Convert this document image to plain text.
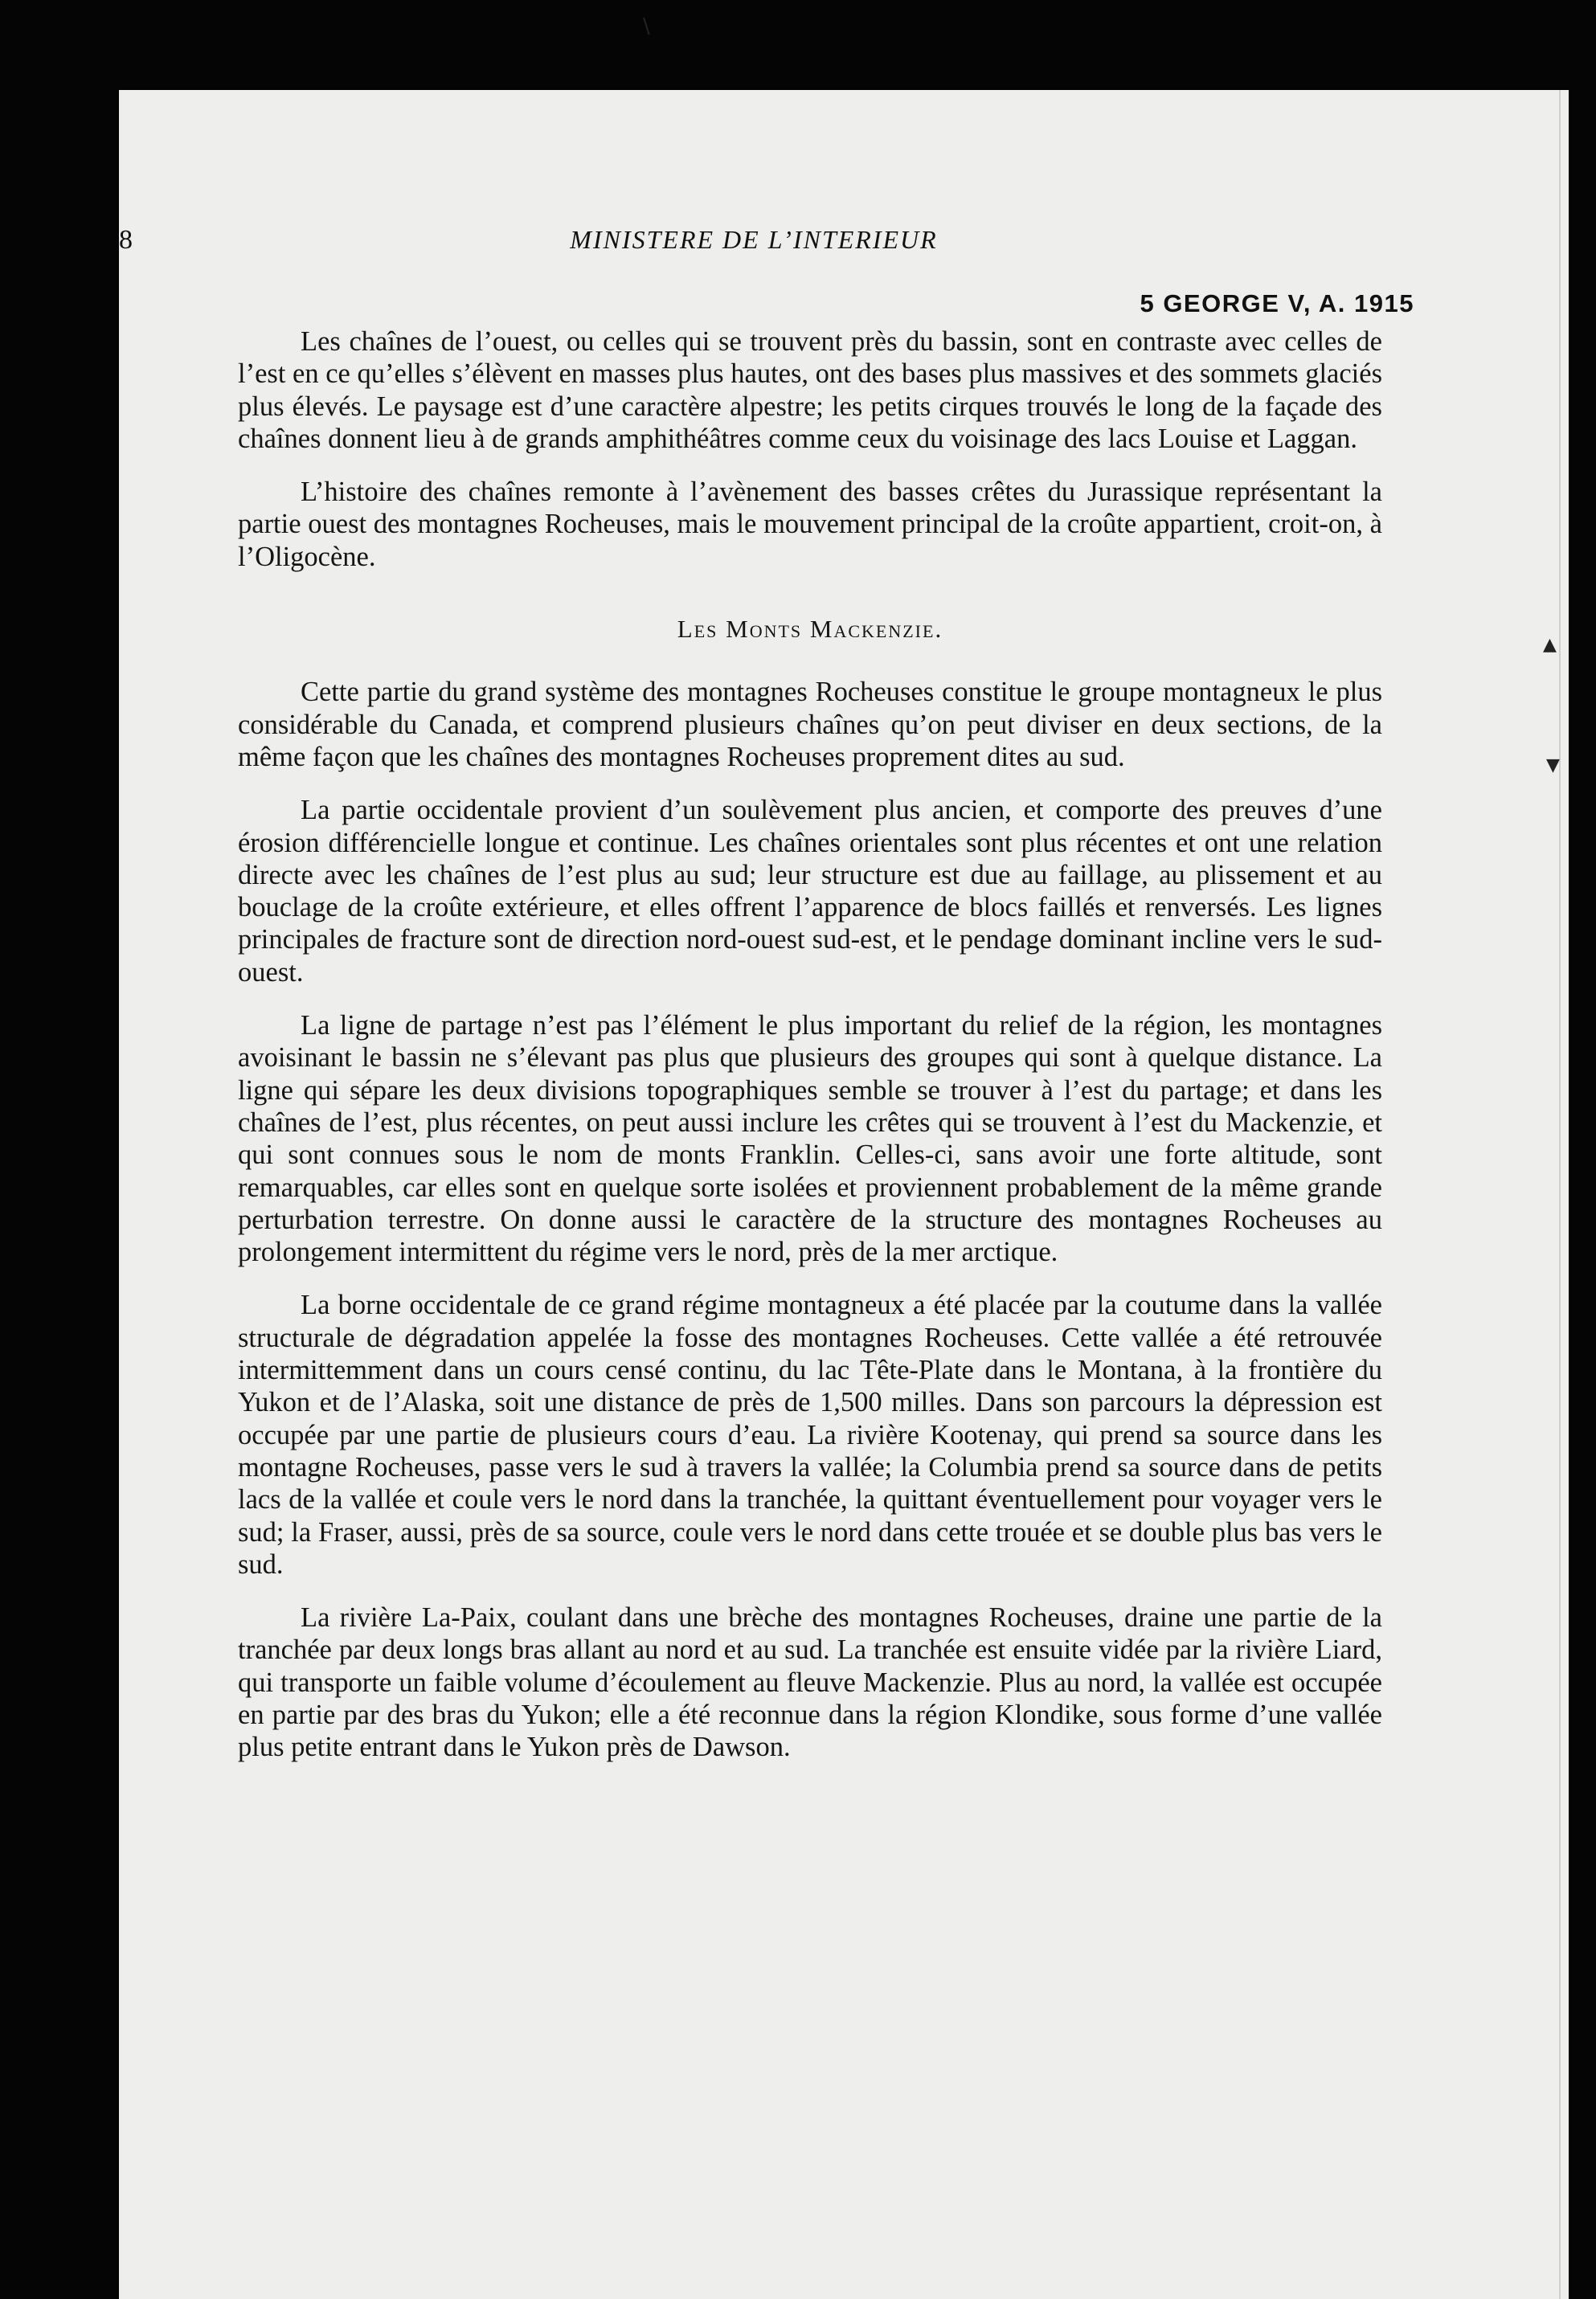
\
▲
▼
8	MINISTERE DE L’INTERIEUR
5 GEORGE V, A. 1915

Les chaînes de l’ouest, ou celles qui se trouvent près du bassin, sont en contraste avec celles de l’est en ce qu’elles s’élèvent en masses plus hautes, ont des bases plus massives et des sommets glaciés plus élevés. Le paysage est d’une caractère alpestre; les petits cirques trouvés le long de la façade des chaînes donnent lieu à de grands amphithéâtres comme ceux du voisinage des lacs Louise et Laggan.

L’histoire des chaînes remonte à l’avènement des basses crêtes du Jurassique représentant la partie ouest des montagnes Rocheuses, mais le mouvement principal de la croûte appartient, croit-on, à l’Oligocène.

Les Monts Mackenzie.

Cette partie du grand système des montagnes Rocheuses constitue le groupe montagneux le plus considérable du Canada, et comprend plusieurs chaînes qu’on peut diviser en deux sections, de la même façon que les chaînes des montagnes Rocheuses proprement dites au sud.

La partie occidentale provient d’un soulèvement plus ancien, et comporte des preuves d’une érosion différencielle longue et continue. Les chaînes orientales sont plus récentes et ont une relation directe avec les chaînes de l’est plus au sud; leur structure est due au faillage, au plissement et au bouclage de la croûte extérieure, et elles offrent l’apparence de blocs faillés et renversés. Les lignes principales de fracture sont de direction nord-ouest sud-est, et le pendage dominant incline vers le sud-ouest.

La ligne de partage n’est pas l’élément le plus important du relief de la région, les montagnes avoisinant le bassin ne s’élevant pas plus que plusieurs des groupes qui sont à quelque distance. La ligne qui sépare les deux divisions topographiques semble se trouver à l’est du partage; et dans les chaînes de l’est, plus récentes, on peut aussi inclure les crêtes qui se trouvent à l’est du Mackenzie, et qui sont connues sous le nom de monts Franklin. Celles-ci, sans avoir une forte altitude, sont remarquables, car elles sont en quelque sorte isolées et proviennent probablement de la même grande perturbation terrestre. On donne aussi le caractère de la structure des montagnes Rocheuses au prolongement intermittent du régime vers le nord, près de la mer arctique.

La borne occidentale de ce grand régime montagneux a été placée par la coutume dans la vallée structurale de dégradation appelée la fosse des montagnes Rocheuses. Cette vallée a été retrouvée intermittemment dans un cours censé continu, du lac Tête-Plate dans le Montana, à la frontière du Yukon et de l’Alaska, soit une distance de près de 1,500 milles. Dans son parcours la dépression est occupée par une partie de plusieurs cours d’eau. La rivière Kootenay, qui prend sa source dans les montagne Rocheuses, passe vers le sud à travers la vallée; la Columbia prend sa source dans de petits lacs de la vallée et coule vers le nord dans la tranchée, la quittant éventuellement pour voyager vers le sud; la Fraser, aussi, près de sa source, coule vers le nord dans cette trouée et se double plus bas vers le sud.

La rivière La-Paix, coulant dans une brèche des montagnes Rocheuses, draine une partie de la tranchée par deux longs bras allant au nord et au sud. La tranchée est ensuite vidée par la rivière Liard, qui transporte un faible volume d’écoulement au fleuve Mackenzie. Plus au nord, la vallée est occupée en partie par des bras du Yukon; elle a été reconnue dans la région Klondike, sous forme d’une vallée plus petite entrant dans le Yukon près de Dawson.
